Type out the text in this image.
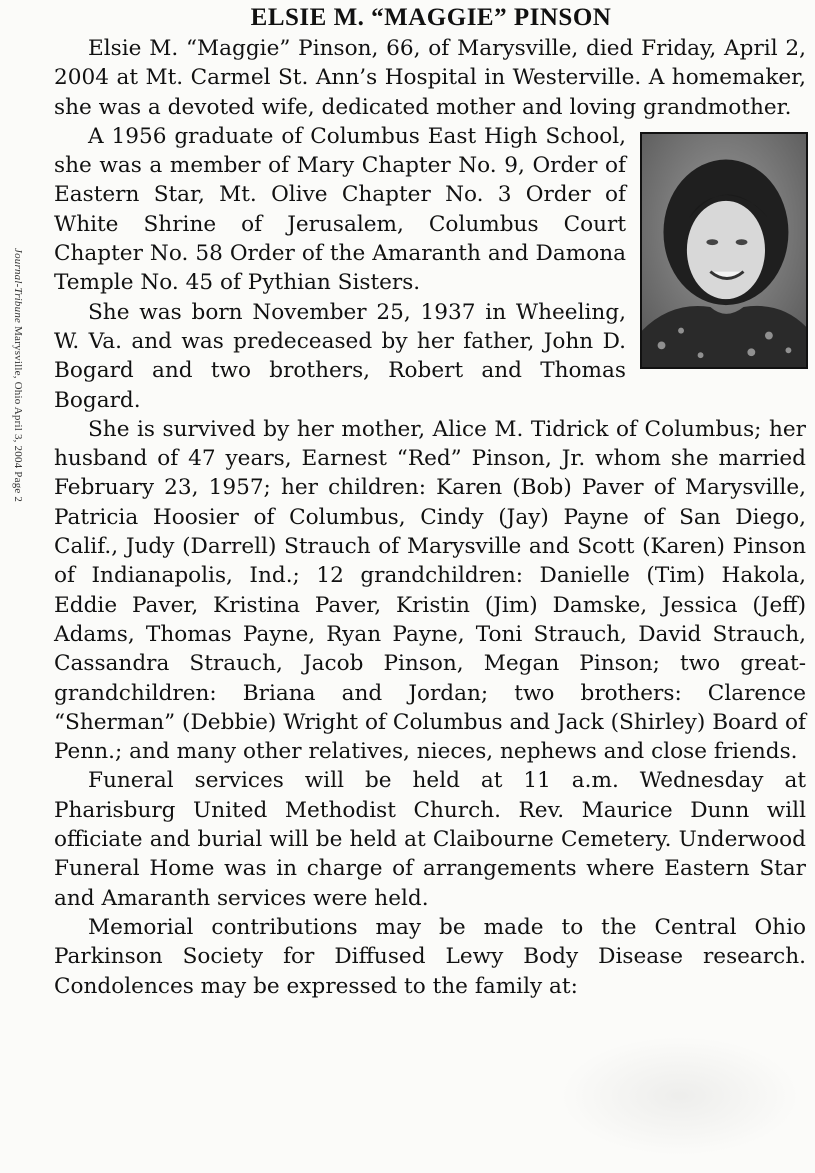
Journal-Tribune Marysville, Ohio April 3, 2004 Page 2
ELSIE M. “MAGGIE” PINSON

Elsie M. “Maggie” Pinson, 66, of Marysville, died Friday, April 2, 2004 at Mt. Carmel St. Ann’s Hospital in Westerville. A homemaker, she was a devoted wife, dedicated mother and loving grandmother.

A 1956 graduate of Columbus East High School, she was a member of Mary Chapter No. 9, Order of Eastern Star, Mt. Olive Chapter No. 3 Order of White Shrine of Jerusalem, Columbus Court Chapter No. 58 Order of the Amaranth and Damona Temple No. 45 of Pythian Sisters.

She was born November 25, 1937 in Wheeling, W. Va. and was predeceased by her father, John D. Bogard and two brothers, Robert and Thomas Bogard.

She is survived by her mother, Alice M. Tidrick of Columbus; her husband of 47 years, Earnest “Red” Pinson, Jr. whom she married February 23, 1957; her children: Karen (Bob) Paver of Marysville, Patricia Hoosier of Columbus, Cindy (Jay) Payne of San Diego, Calif., Judy (Darrell) Strauch of Marysville and Scott (Karen) Pinson of Indianapolis, Ind.; 12 grandchildren: Danielle (Tim) Hakola, Eddie Paver, Kristina Paver, Kristin (Jim) Damske, Jessica (Jeff) Adams, Thomas Payne, Ryan Payne, Toni Strauch, David Strauch, Cassandra Strauch, Jacob Pinson, Megan Pinson; two great-grandchildren: Briana and Jordan; two brothers: Clarence “Sherman” (Debbie) Wright of Columbus and Jack (Shirley) Board of Penn.; and many other relatives, nieces, nephews and close friends.

Funeral services will be held at 11 a.m. Wednesday at Pharisburg United Methodist Church. Rev. Maurice Dunn will officiate and burial will be held at Claibourne Cemetery. Underwood Funeral Home was in charge of arrangements where Eastern Star and Amaranth services were held.

Memorial contributions may be made to the Central Ohio Parkinson Society for Diffused Lewy Body Disease research. Condolences may be expressed to the family at:
